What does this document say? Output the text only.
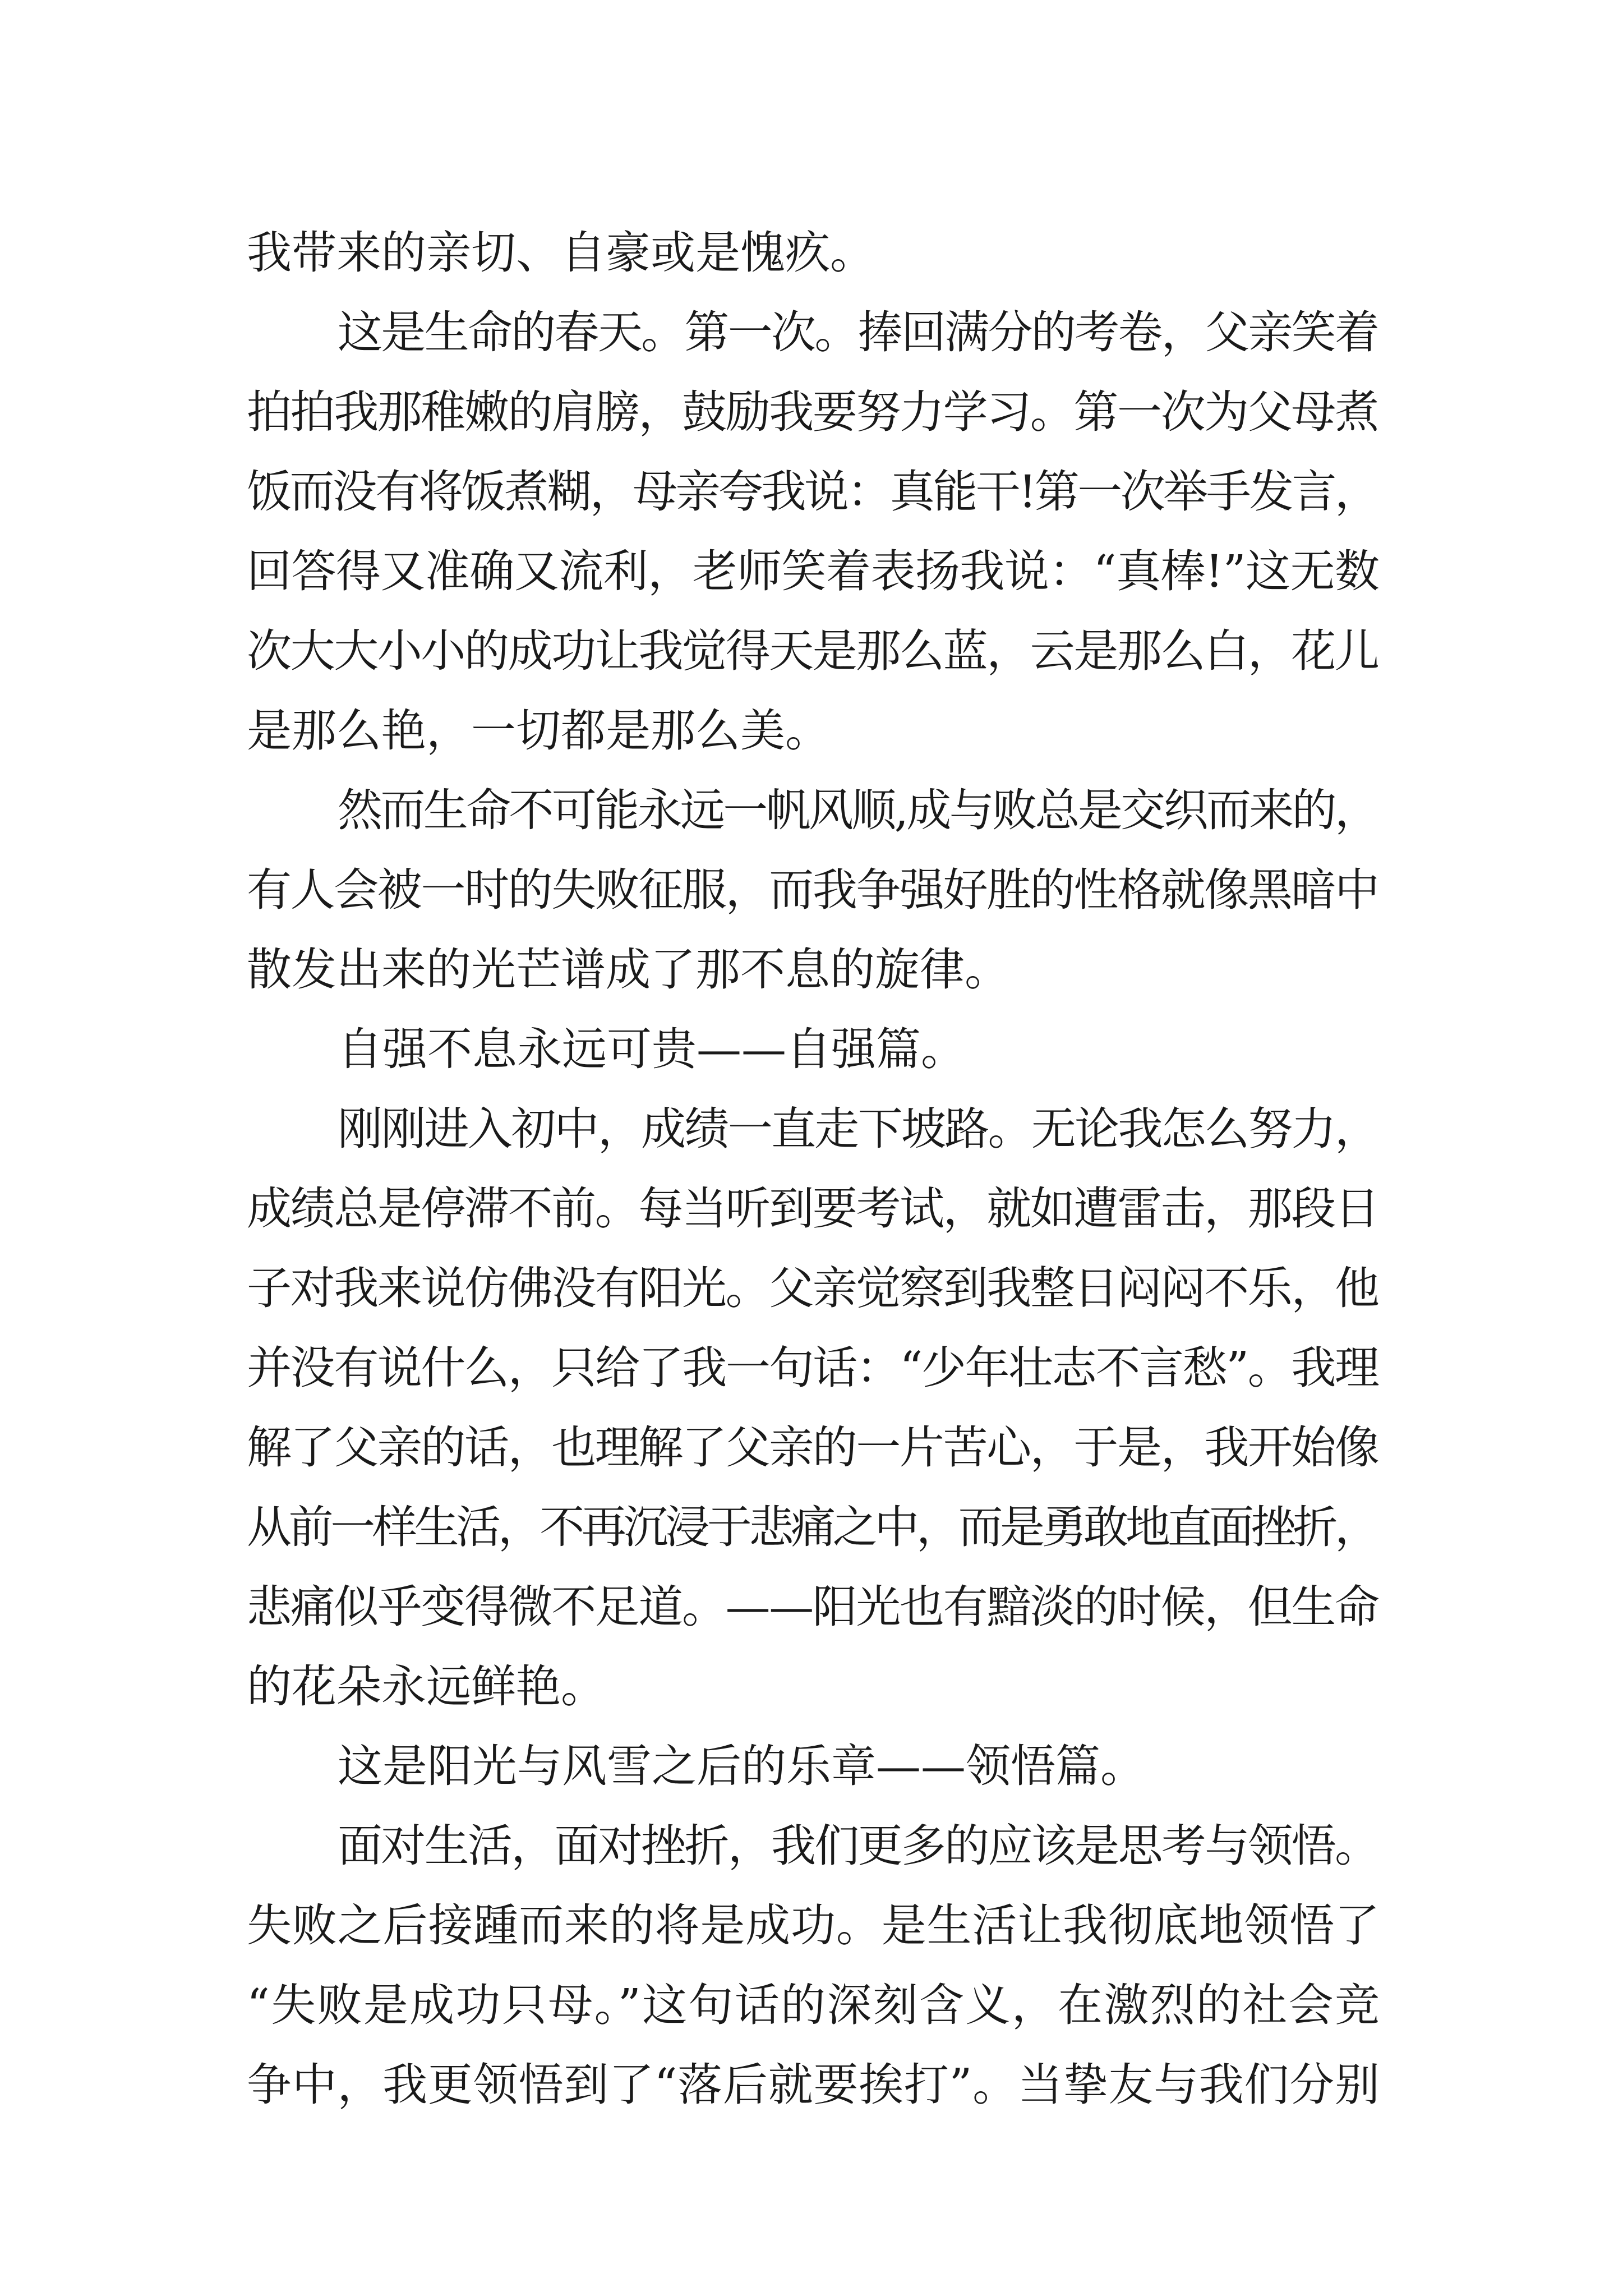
我带来的亲切、自豪或是愧疚。
这是生命的春天。第一次。捧回满分的考卷，父亲笑着
拍拍我那稚嫩的肩膀，鼓励我要努力学习。第一次为父母煮
饭而没有将饭煮糊，母亲夸我说：真能干!第一次举手发言，
回答得又准确又流利，老师笑着表扬我说：“真棒!”这无数
次大大小小的成功让我觉得天是那么蓝，云是那么白，花儿
是那么艳，一切都是那么美。
然而生命不可能永远一帆风顺,成与败总是交织而来的，
有人会被一时的失败征服，而我争强好胜的性格就像黑暗中
散发出来的光芒谱成了那不息的旋律。
自强不息永远可贵——自强篇。
刚刚进入初中，成绩一直走下坡路。无论我怎么努力，
成绩总是停滞不前。每当听到要考试，就如遭雷击，那段日
子对我来说仿佛没有阳光。父亲觉察到我整日闷闷不乐，他
并没有说什么，只给了我一句话：“少年壮志不言愁”。我理
解了父亲的话，也理解了父亲的一片苦心，于是，我开始像
从前一样生活，不再沉浸于悲痛之中，而是勇敢地直面挫折，
悲痛似乎变得微不足道。——阳光也有黯淡的时候，但生命
的花朵永远鲜艳。
这是阳光与风雪之后的乐章——领悟篇。
面对生活，面对挫折，我们更多的应该是思考与领悟。
失败之后接踵而来的将是成功。是生活让我彻底地领悟了
“失败是成功只母。”这句话的深刻含义，在激烈的社会竞
争中，我更领悟到了“落后就要挨打”。当挚友与我们分别
